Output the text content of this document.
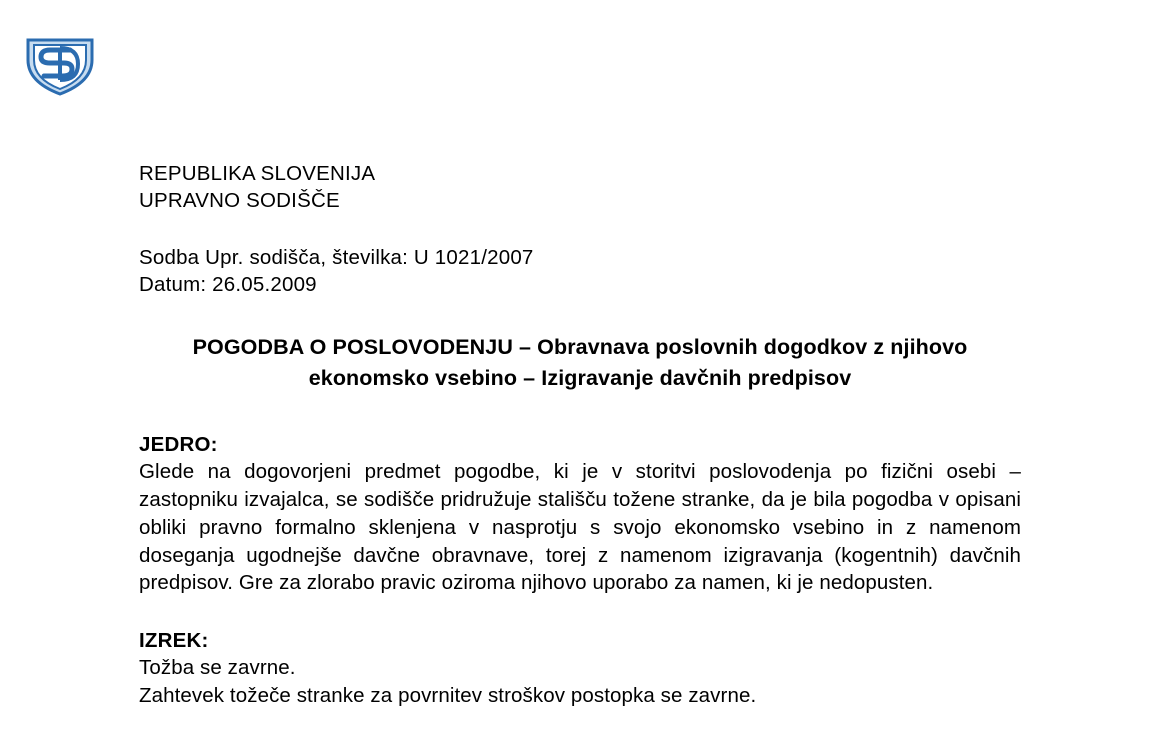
REPUBLIKA SLOVENIJA
UPRAVNO SODIŠČE
Sodba Upr. sodišča, številka: U 1021/2007
Datum: 26.05.2009
POGODBA O POSLOVODENJU – Obravnava poslovnih dogodkov z njihovo ekonomsko vsebino – Izigravanje davčnih predpisov
JEDRO:
Glede na dogovorjeni predmet pogodbe, ki je v storitvi poslovodenja po fizični osebi – zastopniku izvajalca, se sodišče pridružuje stališču tožene stranke, da je bila pogodba v opisani obliki pravno formalno sklenjena v nasprotju s svojo ekonomsko vsebino in z namenom doseganja ugodnejše davčne obravnave, torej z namenom izigravanja (kogentnih) davčnih predpisov. Gre za zlorabo pravic oziroma njihovo uporabo za namen, ki je nedopusten.
IZREK:
Tožba se zavrne.
Zahtevek tožeče stranke za povrnitev stroškov postopka se zavrne.
